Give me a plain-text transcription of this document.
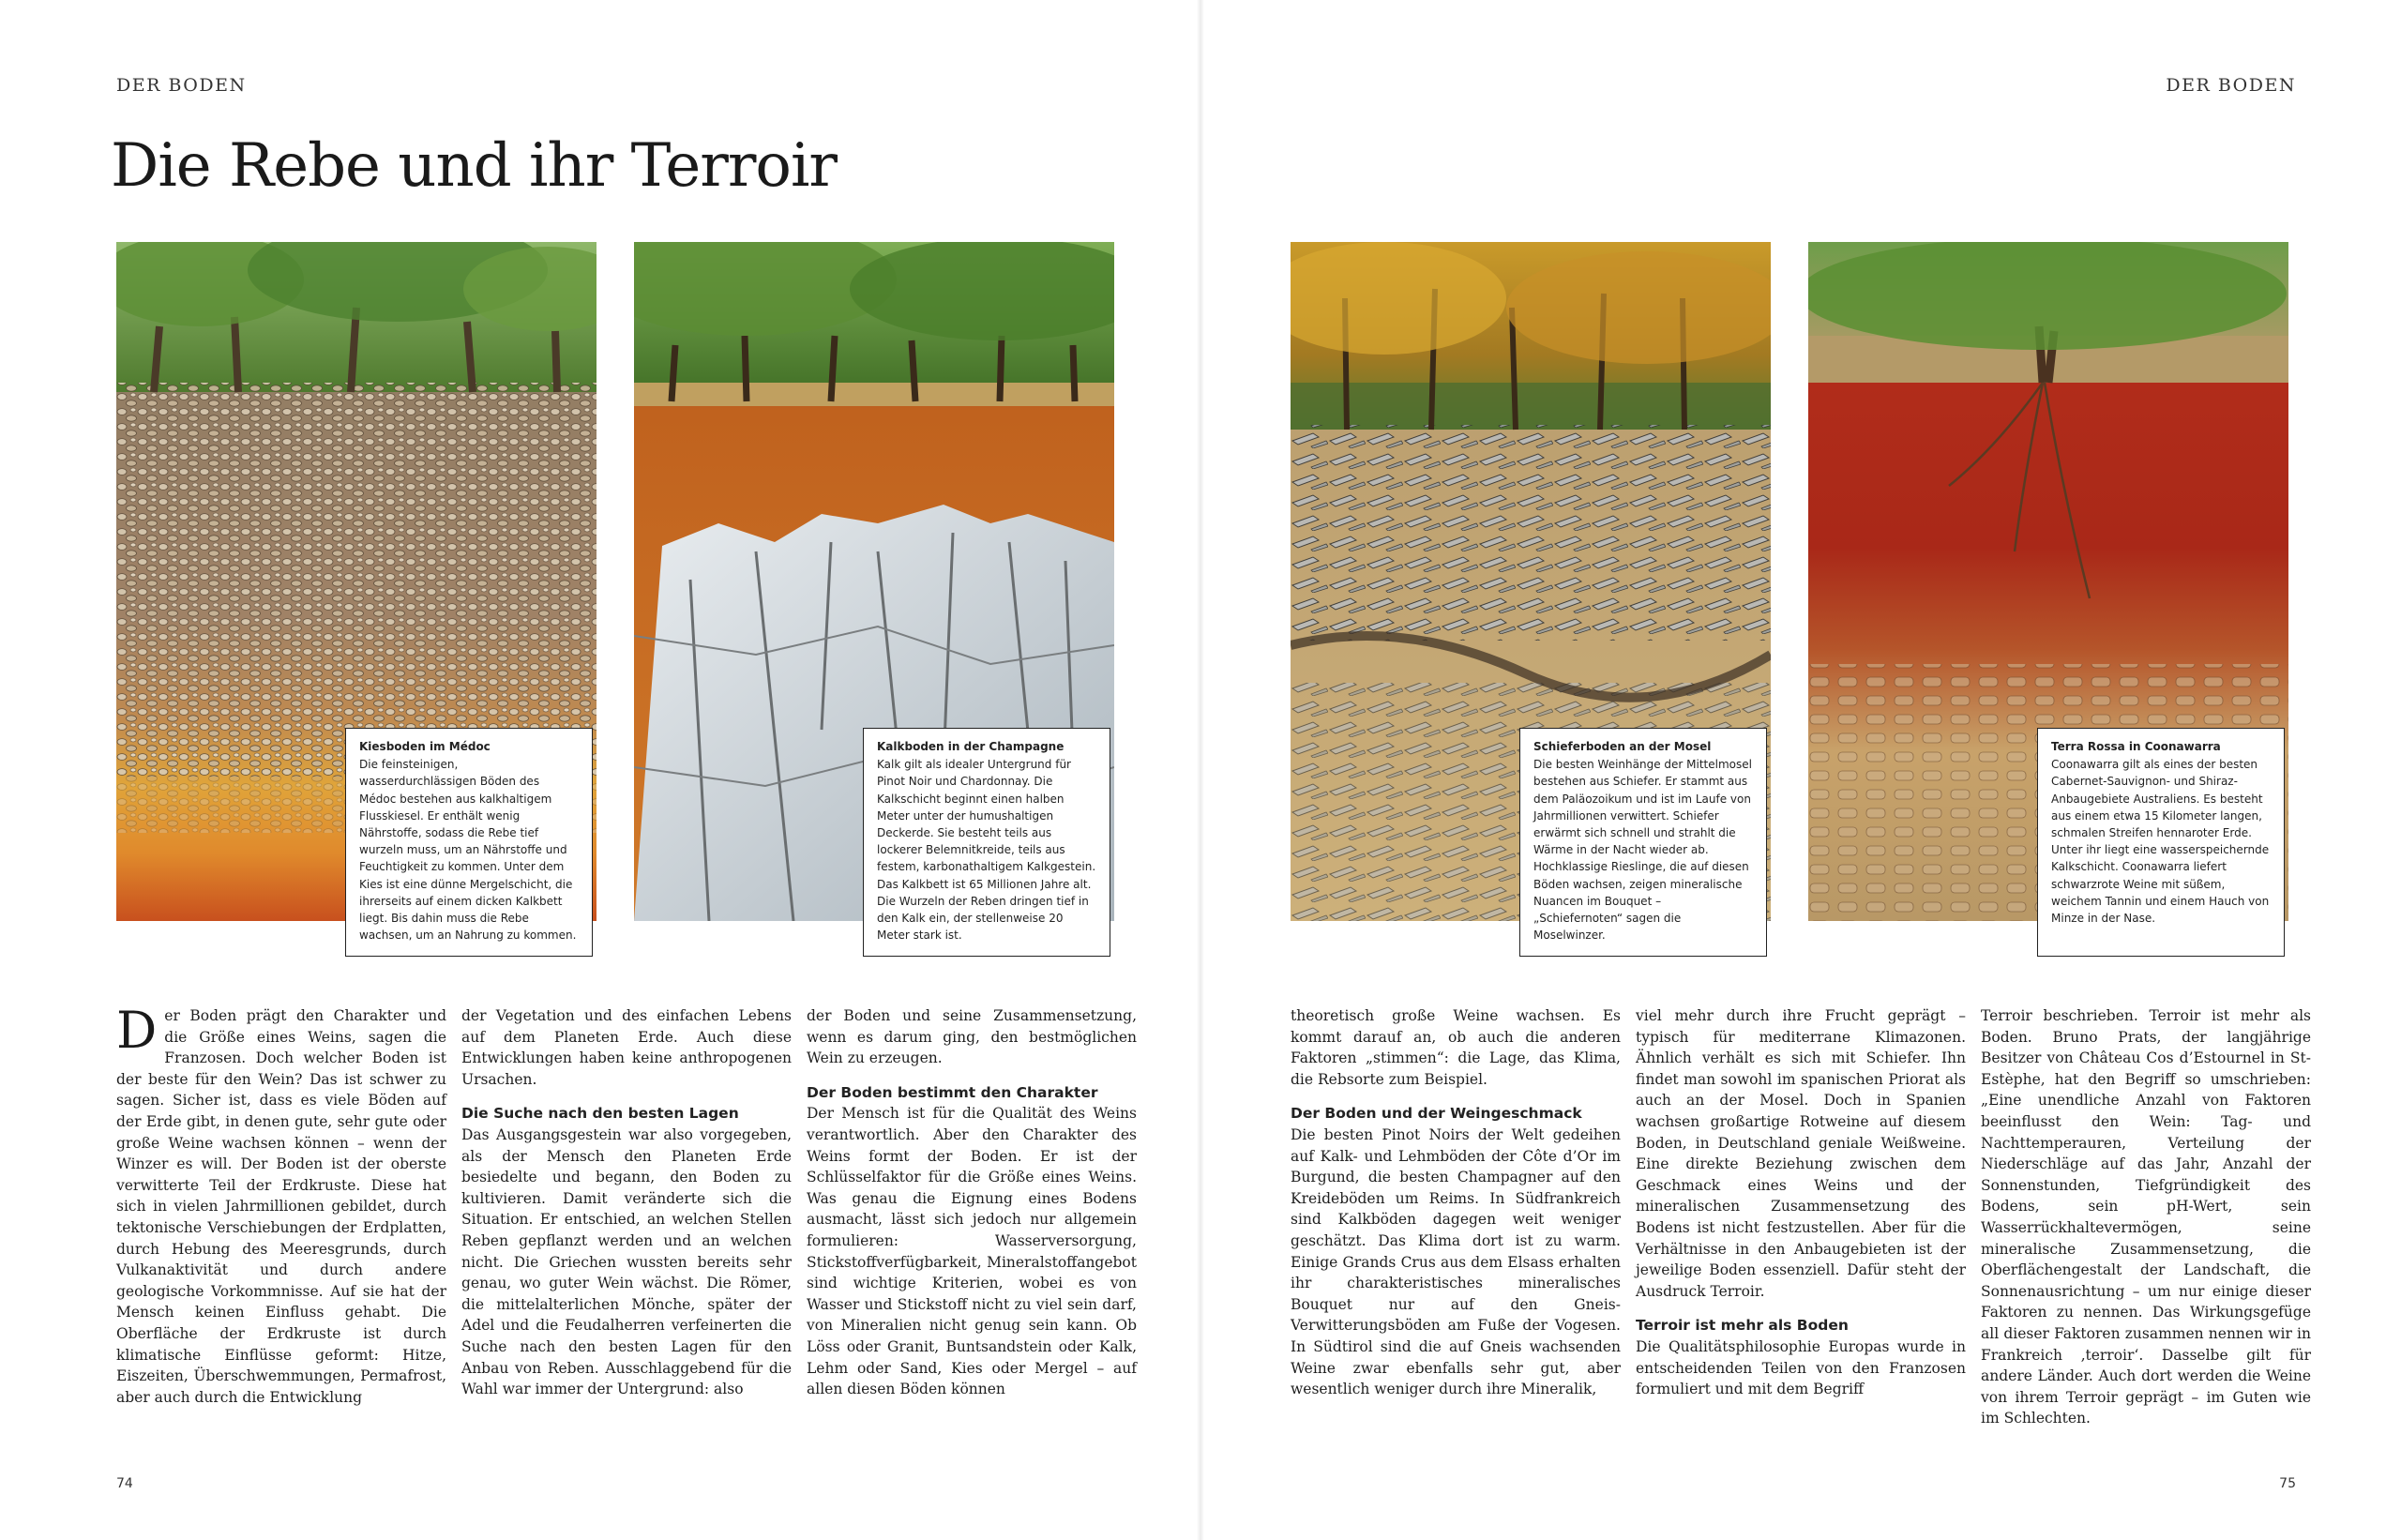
DER BODEN
Die Rebe und ihr Terroir
Kiesboden im Médoc
Die feinsteinigen, wasserdurchlässigen Böden des Médoc bestehen aus kalkhaltigem Flusskiesel. Er enthält wenig Nährstoffe, sodass die Rebe tief wurzeln muss, um an Nährstoffe und Feuchtigkeit zu kommen. Unter dem Kies ist eine dünne Mergelschicht, die ihrerseits auf einem dicken Kalkbett liegt. Bis dahin muss die Rebe wachsen, um an Nahrung zu kommen.
Kalkboden in der Champagne
Kalk gilt als idealer Untergrund für Pinot Noir und Chardonnay. Die Kalkschicht beginnt einen halben Meter unter der humushaltigen Deckerde. Sie besteht teils aus lockerer Belemnitkreide, teils aus festem, karbonathaltigem Kalkgestein. Das Kalkbett ist 65 Millionen Jahre alt. Die Wurzeln der Reben dringen tief in den Kalk ein, der stellenweise 20 Meter stark ist.

Der Boden prägt den Charakter und die Größe eines Weins, sagen die Franzosen. Doch welcher Boden ist der beste für den Wein? Das ist schwer zu sagen. Sicher ist, dass es viele Böden auf der Erde gibt, in denen gute, sehr gute oder große Weine wachsen können – wenn der Winzer es will. Der Boden ist der oberste verwitterte Teil der Erdkruste. Diese hat sich in vielen Jahrmillionen gebildet, durch tektonische Verschiebungen der Erdplatten, durch Hebung des Meeresgrunds, durch Vulkanaktivität und durch andere geologische Vorkommnisse. Auf sie hat der Mensch keinen Einfluss gehabt. Die Oberfläche der Erdkruste ist durch klimatische Einflüsse geformt: Hitze, Eiszeiten, Überschwemmungen, Permafrost, aber auch durch die Entwicklung

der Vegetation und des einfachen Lebens auf dem Planeten Erde. Auch diese Entwicklungen haben keine anthropogenen Ursachen.

Die Suche nach den besten Lagen

Das Ausgangsgestein war also vorgegeben, als der Mensch den Planeten Erde besiedelte und begann, den Boden zu kultivieren. Damit veränderte sich die Situation. Er entschied, an welchen Stellen Reben gepflanzt werden und an welchen nicht. Die Griechen wussten bereits sehr genau, wo guter Wein wächst. Die Römer, die mittelalterlichen Mönche, später der Adel und die Feudalherren verfeinerten die Suche nach den besten Lagen für den Anbau von Reben. Ausschlaggebend für die Wahl war immer der Untergrund: also

der Boden und seine Zusammensetzung, wenn es darum ging, den bestmöglichen Wein zu erzeugen.

Der Boden bestimmt den Charakter

Der Mensch ist für die Qualität des Weins verantwortlich. Aber den Charakter des Weins formt der Boden. Er ist der Schlüsselfaktor für die Größe eines Weins. Was genau die Eignung eines Bodens ausmacht, lässt sich jedoch nur allgemein formulieren: Wasserversorgung, Stickstoffverfügbarkeit, Mineralstoffangebot sind wichtige Kriterien, wobei es von Wasser und Stickstoff nicht zu viel sein darf, von Mineralien nicht genug sein kann. Ob Löss oder Granit, Buntsandstein oder Kalk, Lehm oder Sand, Kies oder Mergel – auf allen diesen Böden können

74
DER BODEN
Schieferboden an der Mosel
Die besten Weinhänge der Mittelmosel bestehen aus Schiefer. Er stammt aus dem Paläozoikum und ist im Laufe von Jahrmillionen verwittert. Schiefer erwärmt sich schnell und strahlt die Wärme in der Nacht wieder ab. Hochklassige Rieslinge, die auf diesen Böden wachsen, zeigen mineralische Nuancen im Bouquet – „Schiefernoten“ sagen die Moselwinzer.
Terra Rossa in Coonawarra
Coonawarra gilt als eines der besten Cabernet-Sauvignon- und Shiraz-Anbaugebiete Australiens. Es besteht aus einem etwa 15 Kilometer langen, schmalen Streifen hennaroter Erde. Unter ihr liegt eine wasserspeichernde Kalkschicht. Coonawarra liefert schwarzrote Weine mit süßem, weichem Tannin und einem Hauch von Minze in der Nase.

theoretisch große Weine wachsen. Es kommt darauf an, ob auch die anderen Faktoren „stimmen“: die Lage, das Klima, die Rebsorte zum Beispiel.

Der Boden und der Weingeschmack

Die besten Pinot Noirs der Welt gedeihen auf Kalk- und Lehmböden der Côte d’Or im Burgund, die besten Champagner auf den Kreideböden um Reims. In Südfrankreich sind Kalkböden dagegen weit weniger geschätzt. Das Klima dort ist zu warm. Einige Grands Crus aus dem Elsass erhalten ihr charakteristisches mineralisches Bouquet nur auf den Gneis-Verwitterungsböden am Fuße der Vogesen. In Südtirol sind die auf Gneis wachsenden Weine zwar ebenfalls sehr gut, aber wesentlich weniger durch ihre Mineralik,

viel mehr durch ihre Frucht geprägt – typisch für mediterrane Klimazonen. Ähnlich verhält es sich mit Schiefer. Ihn findet man sowohl im spanischen Priorat als auch an der Mosel. Doch in Spanien wachsen großartige Rotweine auf diesem Boden, in Deutschland geniale Weißweine. Eine direkte Beziehung zwischen dem Geschmack eines Weins und der mineralischen Zusammensetzung des Bodens ist nicht festzustellen. Aber für die Verhältnisse in den Anbaugebieten ist der jeweilige Boden essenziell. Dafür steht der Ausdruck Terroir.

Terroir ist mehr als Boden

Die Qualitätsphilosophie Europas wurde in entscheidenden Teilen von den Franzosen formuliert und mit dem Begriff

Terroir beschrieben. Terroir ist mehr als Boden. Bruno Prats, der langjährige Besitzer von Château Cos d’Estournel in St-Estèphe, hat den Begriff so umschrieben: „Eine unendliche Anzahl von Faktoren beeinflusst den Wein: Tag- und Nachttemperauren, Verteilung der Niederschläge auf das Jahr, Anzahl der Sonnenstunden, Tiefgründigkeit des Bodens, sein pH-Wert, sein Wasserrückhaltevermögen, seine mineralische Zusammensetzung, die Oberflächengestalt der Landschaft, die Sonnenausrichtung – um nur einige dieser Faktoren zu nennen. Das Wirkungsgefüge all dieser Faktoren zusammen nennen wir in Frankreich ‚terroir‘. Dasselbe gilt für andere Länder. Auch dort werden die Weine von ihrem Terroir geprägt – im Guten wie im Schlechten.

75
